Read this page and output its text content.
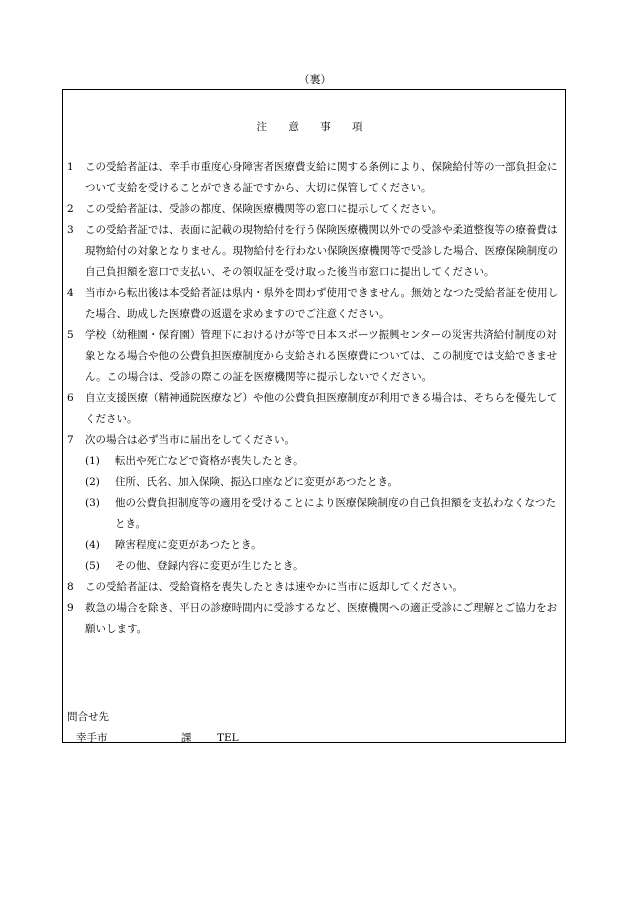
（裏）
注 意 事 項
1 この受給者証は、幸手市重度心身障害者医療費支給に関する条例により、保険給付等の一部負担金について支給を受けることができる証ですから、大切に保管してください。
2 この受給者証は、受診の都度、保険医療機関等の窓口に提示してください。
3 この受給者証では、表面に記載の現物給付を行う保険医療機関以外での受診や柔道整復等の療養費は現物給付の対象となりません。現物給付を行わない保険医療機関等で受診した場合、医療保険制度の自己負担額を窓口で支払い、その領収証を受け取った後当市窓口に提出してください。
4 当市から転出後は本受給者証は県内・県外を問わず使用できません。無効となつた受給者証を使用した場合、助成した医療費の返還を求めますのでご注意ください。
5 学校（幼稚園・保育園）管理下におけるけが等で日本スポーツ振興センターの災害共済給付制度の対象となる場合や他の公費負担医療制度から支給される医療費については、この制度では支給できません。この場合は、受診の際この証を医療機関等に提示しないでください。
6 自立支援医療（精神通院医療など）や他の公費負担医療制度が利用できる場合は、そちらを優先してください。
7 次の場合は必ず当市に届出をしてください。
(1) 転出や死亡などで資格が喪失したとき。
(2) 住所、氏名、加入保険、振込口座などに変更があつたとき。
(3) 他の公費負担制度等の適用を受けることにより医療保険制度の自己負担額を支払わなくなつたとき。
(4) 障害程度に変更があつたとき。
(5) その他、登録内容に変更が生じたとき。
8 この受給者証は、受給資格を喪失したときは速やかに当市に返却してください。
9 救急の場合を除き、平日の診療時間内に受診するなど、医療機関への適正受診にご理解とご協力をお願いします。
問合せ先
幸手市	課 TEL
